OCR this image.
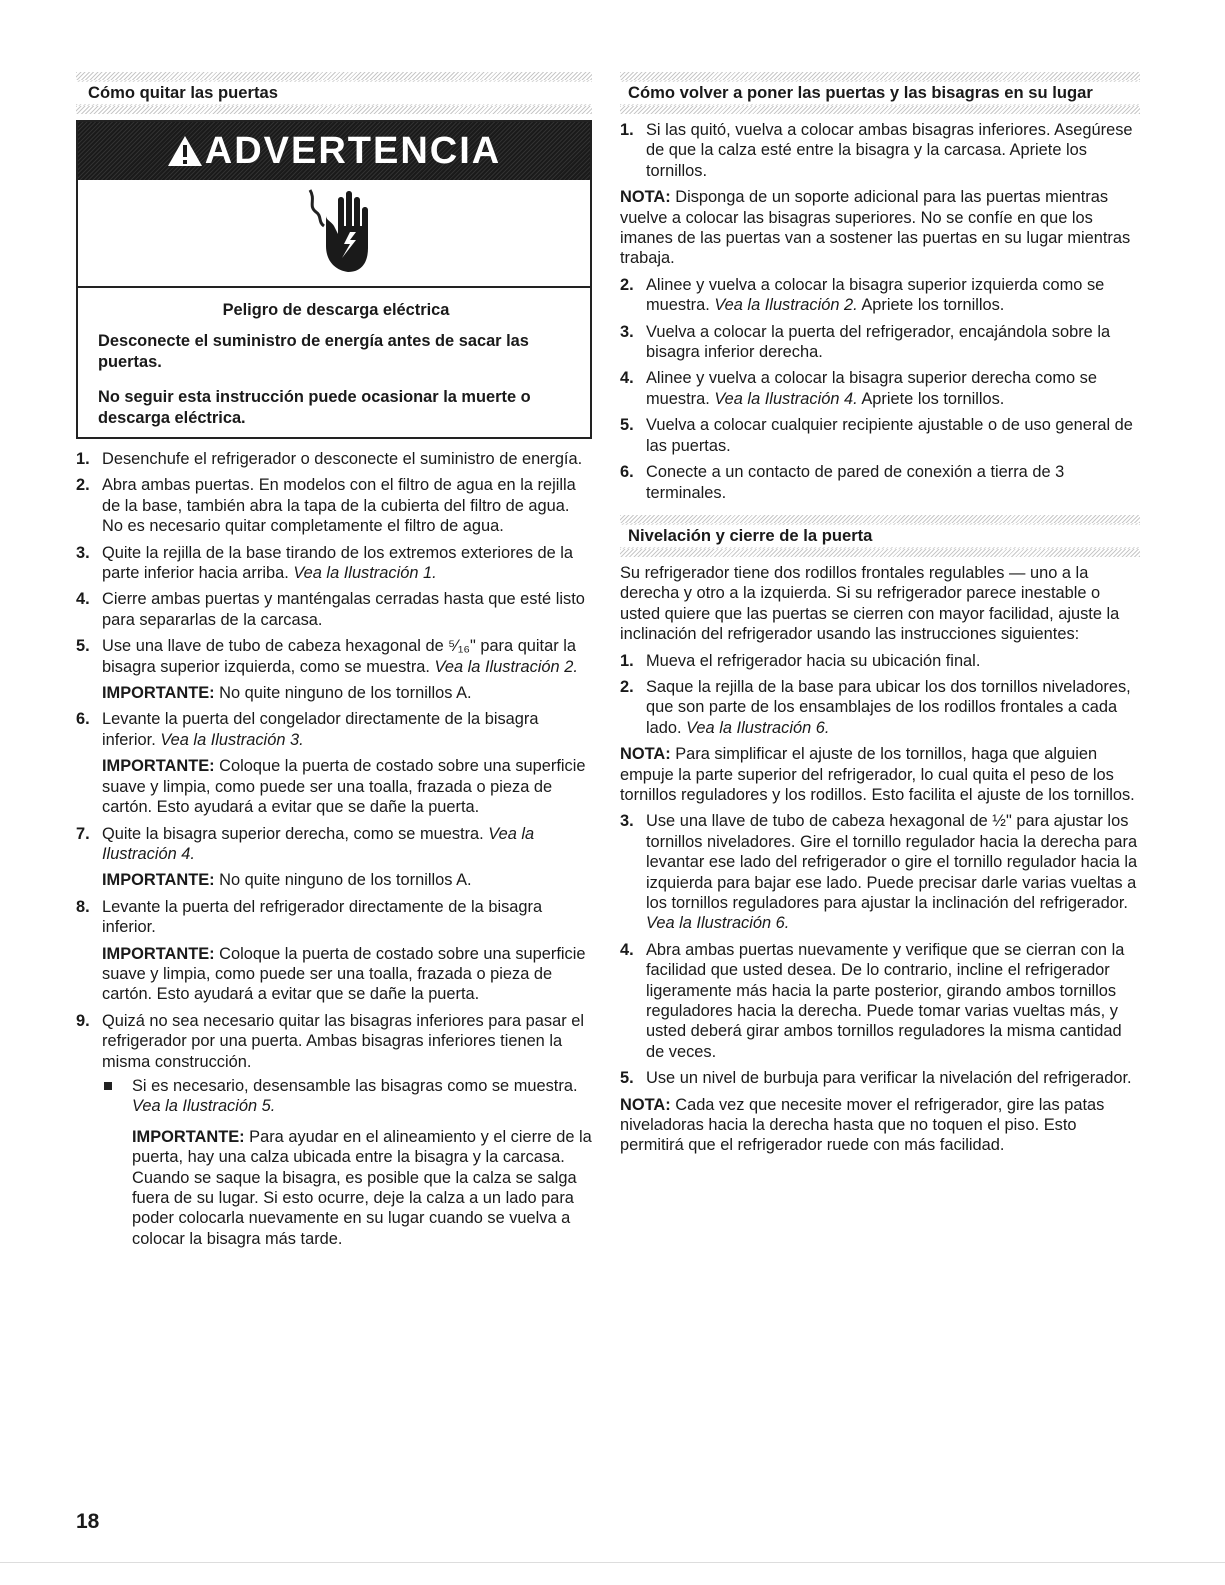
Cómo quitar las puertas
ADVERTENCIA

Peligro de descarga eléctrica

Desconecte el suministro de energía antes de sacar las puertas.

No seguir esta instrucción puede ocasionar la muerte o descarga eléctrica.

1. Desenchufe el refrigerador o desconecte el suministro de energía.
2. Abra ambas puertas. En modelos con el filtro de agua en la rejilla de la base, también abra la tapa de la cubierta del filtro de agua. No es necesario quitar completamente el filtro de agua.
3. Quite la rejilla de la base tirando de los extremos exteriores de la parte inferior hacia arriba. Vea la Ilustración 1.
4. Cierre ambas puertas y manténgalas cerradas hasta que esté listo para separarlas de la carcasa.
5. Use una llave de tubo de cabeza hexagonal de ⁵⁄₁₆" para quitar la bisagra superior izquierda, como se muestra. Vea la Ilustración 2.
IMPORTANTE: No quite ninguno de los tornillos A.
6. Levante la puerta del congelador directamente de la bisagra inferior. Vea la Ilustración 3.
IMPORTANTE: Coloque la puerta de costado sobre una superficie suave y limpia, como puede ser una toalla, frazada o pieza de cartón. Esto ayudará a evitar que se dañe la puerta.
7. Quite la bisagra superior derecha, como se muestra. Vea la Ilustración 4.
IMPORTANTE: No quite ninguno de los tornillos A.
8. Levante la puerta del refrigerador directamente de la bisagra inferior.
IMPORTANTE: Coloque la puerta de costado sobre una superficie suave y limpia, como puede ser una toalla, frazada o pieza de cartón. Esto ayudará a evitar que se dañe la puerta.
9. Quizá no sea necesario quitar las bisagras inferiores para pasar el refrigerador por una puerta. Ambas bisagras inferiores tienen la misma construcción.
Si es necesario, desensamble las bisagras como se muestra. Vea la Ilustración 5.
IMPORTANTE: Para ayudar en el alineamiento y el cierre de la puerta, hay una calza ubicada entre la bisagra y la carcasa. Cuando se saque la bisagra, es posible que la calza se salga fuera de su lugar. Si esto ocurre, deje la calza a un lado para poder colocarla nuevamente en su lugar cuando se vuelva a colocar la bisagra más tarde.
Cómo volver a poner las puertas y las bisagras en su lugar
1. Si las quitó, vuelva a colocar ambas bisagras inferiores. Asegúrese de que la calza esté entre la bisagra y la carcasa. Apriete los tornillos.

NOTA: Disponga de un soporte adicional para las puertas mientras vuelve a colocar las bisagras superiores. No se confíe en que los imanes de las puertas van a sostener las puertas en su lugar mientras trabaja.

2. Alinee y vuelva a colocar la bisagra superior izquierda como se muestra. Vea la Ilustración 2. Apriete los tornillos.
3. Vuelva a colocar la puerta del refrigerador, encajándola sobre la bisagra inferior derecha.
4. Alinee y vuelva a colocar la bisagra superior derecha como se muestra. Vea la Ilustración 4. Apriete los tornillos.
5. Vuelva a colocar cualquier recipiente ajustable o de uso general de las puertas.
6. Conecte a un contacto de pared de conexión a tierra de 3 terminales.
Nivelación y cierre de la puerta

Su refrigerador tiene dos rodillos frontales regulables — uno a la derecha y otro a la izquierda. Si su refrigerador parece inestable o usted quiere que las puertas se cierren con mayor facilidad, ajuste la inclinación del refrigerador usando las instrucciones siguientes:

1. Mueva el refrigerador hacia su ubicación final.
2. Saque la rejilla de la base para ubicar los dos tornillos niveladores, que son parte de los ensamblajes de los rodillos frontales a cada lado. Vea la Ilustración 6.

NOTA: Para simplificar el ajuste de los tornillos, haga que alguien empuje la parte superior del refrigerador, lo cual quita el peso de los tornillos reguladores y los rodillos. Esto facilita el ajuste de los tornillos.

3. Use una llave de tubo de cabeza hexagonal de ½" para ajustar los tornillos niveladores. Gire el tornillo regulador hacia la derecha para levantar ese lado del refrigerador o gire el tornillo regulador hacia la izquierda para bajar ese lado. Puede precisar darle varias vueltas a los tornillos reguladores para ajustar la inclinación del refrigerador. Vea la Ilustración 6.
4. Abra ambas puertas nuevamente y verifique que se cierran con la facilidad que usted desea. De lo contrario, incline el refrigerador ligeramente más hacia la parte posterior, girando ambos tornillos reguladores hacia la derecha. Puede tomar varias vueltas más, y usted deberá girar ambos tornillos reguladores la misma cantidad de veces.
5. Use un nivel de burbuja para verificar la nivelación del refrigerador.

NOTA: Cada vez que necesite mover el refrigerador, gire las patas niveladoras hacia la derecha hasta que no toquen el piso. Esto permitirá que el refrigerador ruede con más facilidad.

18
